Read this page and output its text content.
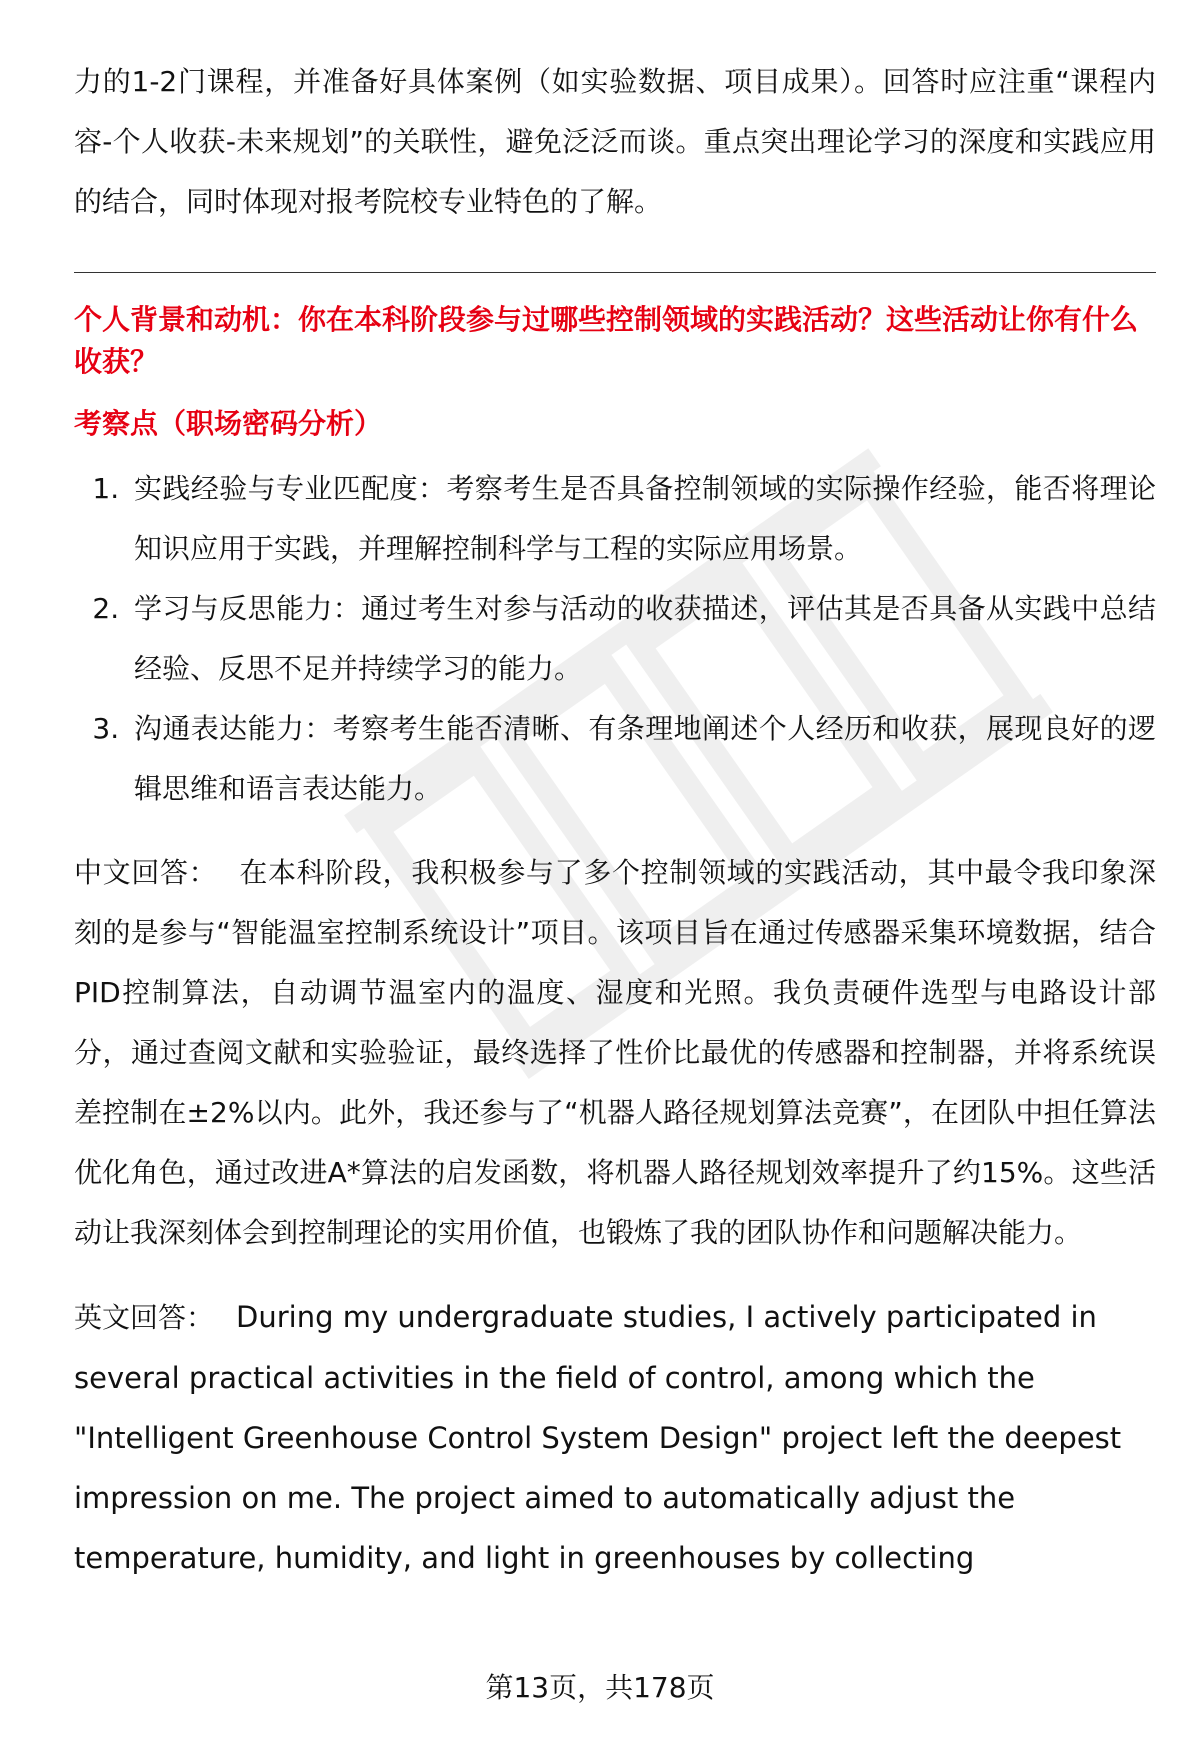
力的1-2门课程，并准备好具体案例（如实验数据、项目成果）。回答时应注重“课程内容-个人收获-未来规划”的关联性，避免泛泛而谈。重点突出理论学习的深度和实践应用的结合，同时体现对报考院校专业特色的了解。

个人背景和动机：你在本科阶段参与过哪些控制领域的实践活动？这些活动让你有什么收获？

考察点（职场密码分析）

1. 实践经验与专业匹配度：考察考生是否具备控制领域的实际操作经验，能否将理论知识应用于实践，并理解控制科学与工程的实际应用场景。
2. 学习与反思能力：通过考生对参与活动的收获描述，评估其是否具备从实践中总结经验、反思不足并持续学习的能力。
3. 沟通表达能力：考察考生能否清晰、有条理地阐述个人经历和收获，展现良好的逻辑思维和语言表达能力。

中文回答： 在本科阶段，我积极参与了多个控制领域的实践活动，其中最令我印象深刻的是参与“智能温室控制系统设计”项目。该项目旨在通过传感器采集环境数据，结合PID控制算法，自动调节温室内的温度、湿度和光照。我负责硬件选型与电路设计部分，通过查阅文献和实验验证，最终选择了性价比最优的传感器和控制器，并将系统误差控制在±2%以内。此外，我还参与了“机器人路径规划算法竞赛”，在团队中担任算法优化角色，通过改进A*算法的启发函数，将机器人路径规划效率提升了约15%。这些活动让我深刻体会到控制理论的实用价值，也锻炼了我的团队协作和问题解决能力。

英文回答： During my undergraduate studies, I actively participated in several practical activities in the field of control, among which the "Intelligent Greenhouse Control System Design" project left the deepest impression on me. The project aimed to automatically adjust the temperature, humidity, and light in greenhouses by collecting

第13页，共178页
